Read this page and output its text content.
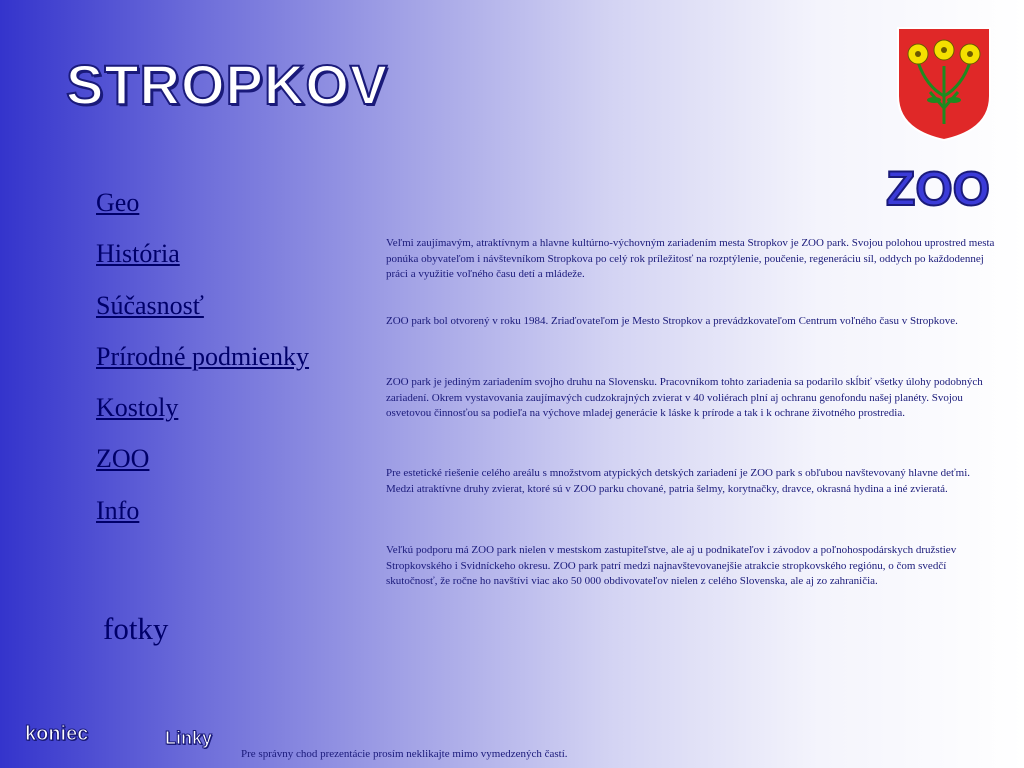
STROPKOV
ZOO
Geo
História
Súčasnosť
Prírodné podmienky
Kostoly
ZOO
Info
fotky

Veľmi zaujímavým, atraktívnym a hlavne kultúrno-výchovným zariadením mesta Stropkov je ZOO park. Svojou polohou uprostred mesta ponúka obyvateľom i návštevníkom Stropkova po celý rok príležitosť na rozptýlenie, poučenie, regeneráciu síl, oddych po každodennej práci a využitie voľného času detí a mládeže.

ZOO park bol otvorený v roku 1984. Zriaďovateľom je Mesto Stropkov a prevádzkovateľom Centrum voľného času v Stropkove.

ZOO park je jediným zariadením svojho druhu na Slovensku. Pracovníkom tohto zariadenia sa podarilo skĺbiť všetky úlohy podobných zariadení. Okrem vystavovania zaujímavých cudzokrajných zvierat v 40 voliérach plní aj ochranu genofondu našej planéty. Svojou osvetovou činnosťou sa podieľa na výchove mladej generácie k láske k prírode a tak i k ochrane životného prostredia.

Pre estetické riešenie celého areálu s množstvom atypických detských zariadení je ZOO park s obľubou navštevovaný hlavne deťmi. Medzi atraktívne druhy zvierat, ktoré sú v ZOO parku chované, patria šelmy, korytnačky, dravce, okrasná hydina a iné zvieratá.

Veľkú podporu má ZOO park nielen v mestskom zastupiteľstve, ale aj u podnikateľov i závodov a poľnohospodárskych družstiev Stropkovského i Svidníckeho okresu. ZOO park patrí medzi najnavštevovanejšie atrakcie stropkovského regiónu, o čom svedčí skutočnosť, že ročne ho navštívi viac ako 50 000 obdivovateľov nielen z celého Slovenska, ale aj zo zahraničia.

koniec	Linky
Pre správny chod prezentácie prosím neklikajte mimo vymedzených častí.
